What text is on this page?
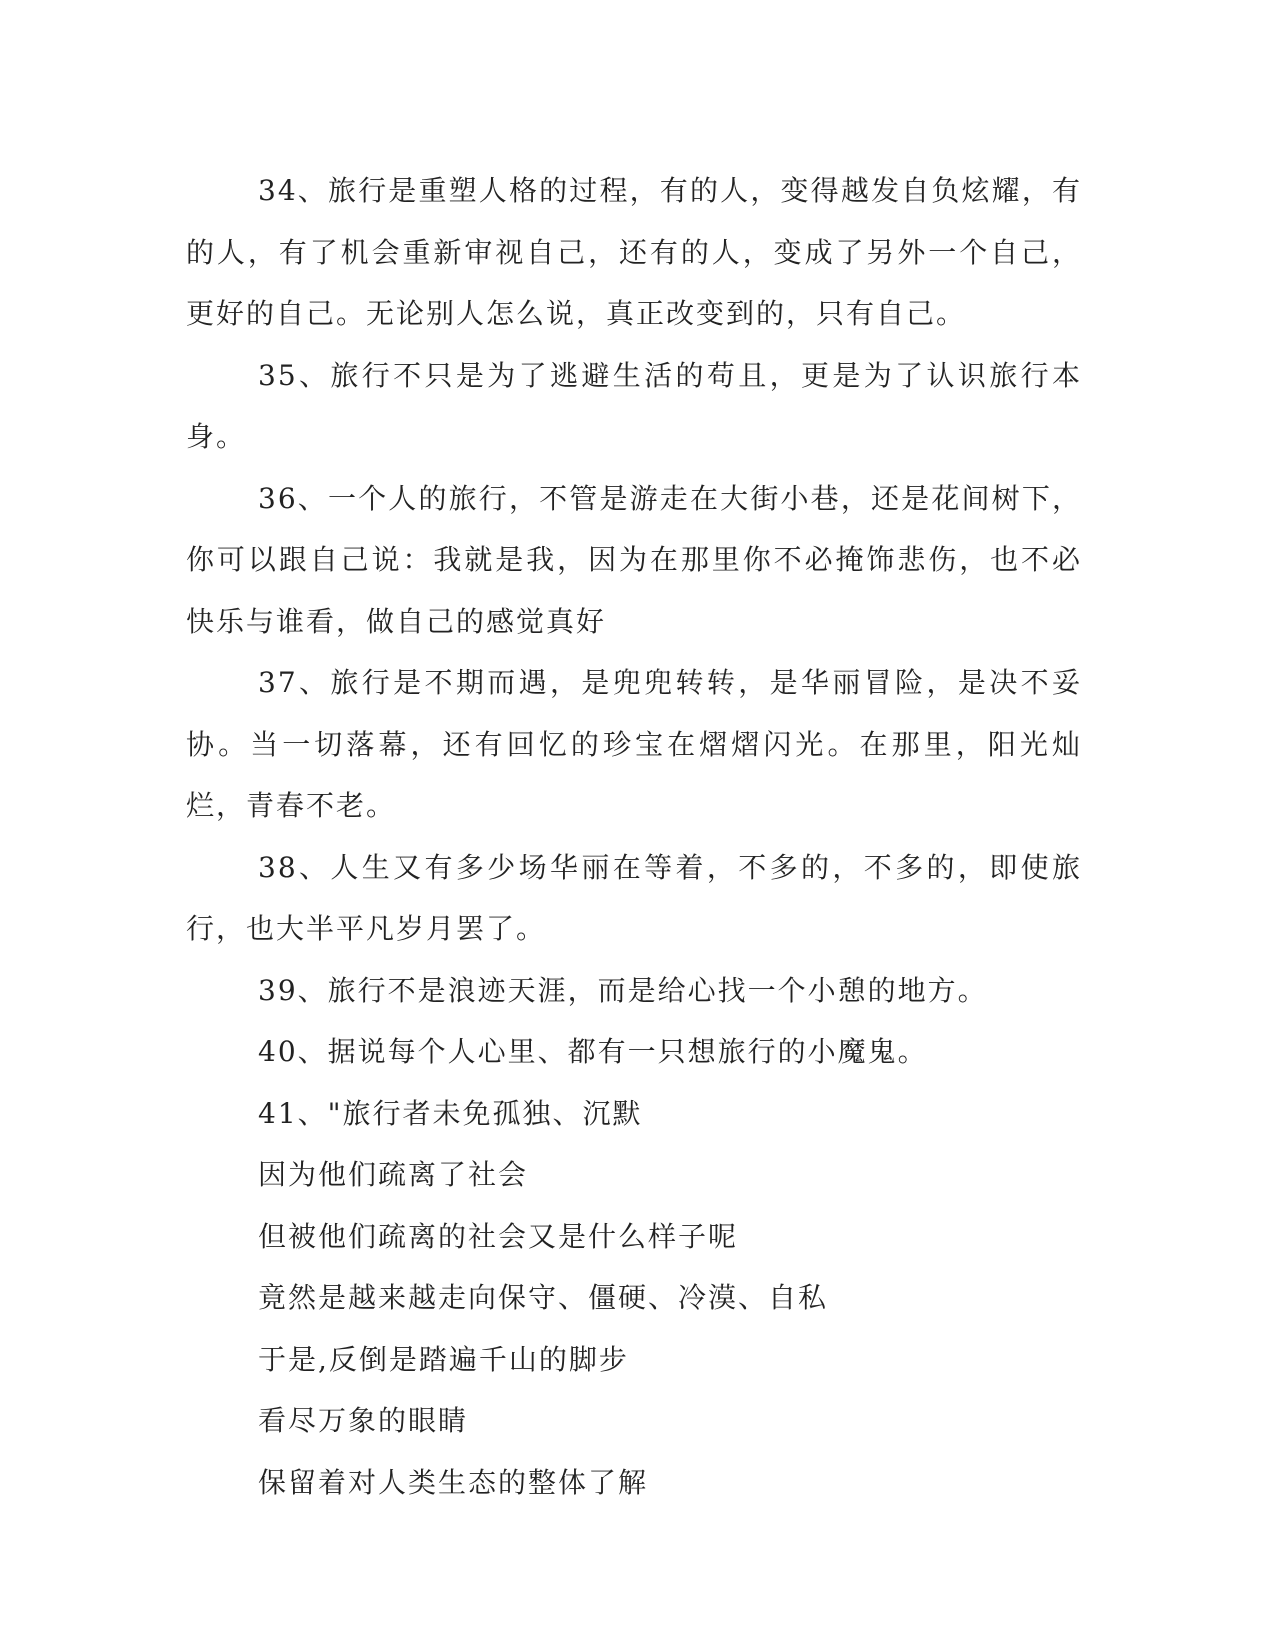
34、旅行是重塑人格的过程，有的人，变得越发自负炫耀，有的人，有了机会重新审视自己，还有的人，变成了另外一个自己，更好的自己。无论别人怎么说，真正改变到的，只有自己。

35、旅行不只是为了逃避生活的苟且，更是为了认识旅行本身。

36、一个人的旅行，不管是游走在大街小巷，还是花间树下，你可以跟自己说：我就是我，因为在那里你不必掩饰悲伤，也不必快乐与谁看，做自己的感觉真好

37、旅行是不期而遇，是兜兜转转，是华丽冒险，是决不妥协。当一切落幕，还有回忆的珍宝在熠熠闪光。在那里，阳光灿烂，青春不老。

38、人生又有多少场华丽在等着，不多的，不多的，即使旅行，也大半平凡岁月罢了。

39、旅行不是浪迹天涯，而是给心找一个小憩的地方。

40、据说每个人心里、都有一只想旅行的小魔鬼。

41、"旅行者未免孤独、沉默

因为他们疏离了社会

但被他们疏离的社会又是什么样子呢

竟然是越来越走向保守、僵硬、冷漠、自私

于是,反倒是踏遍千山的脚步

看尽万象的眼睛

保留着对人类生态的整体了解
